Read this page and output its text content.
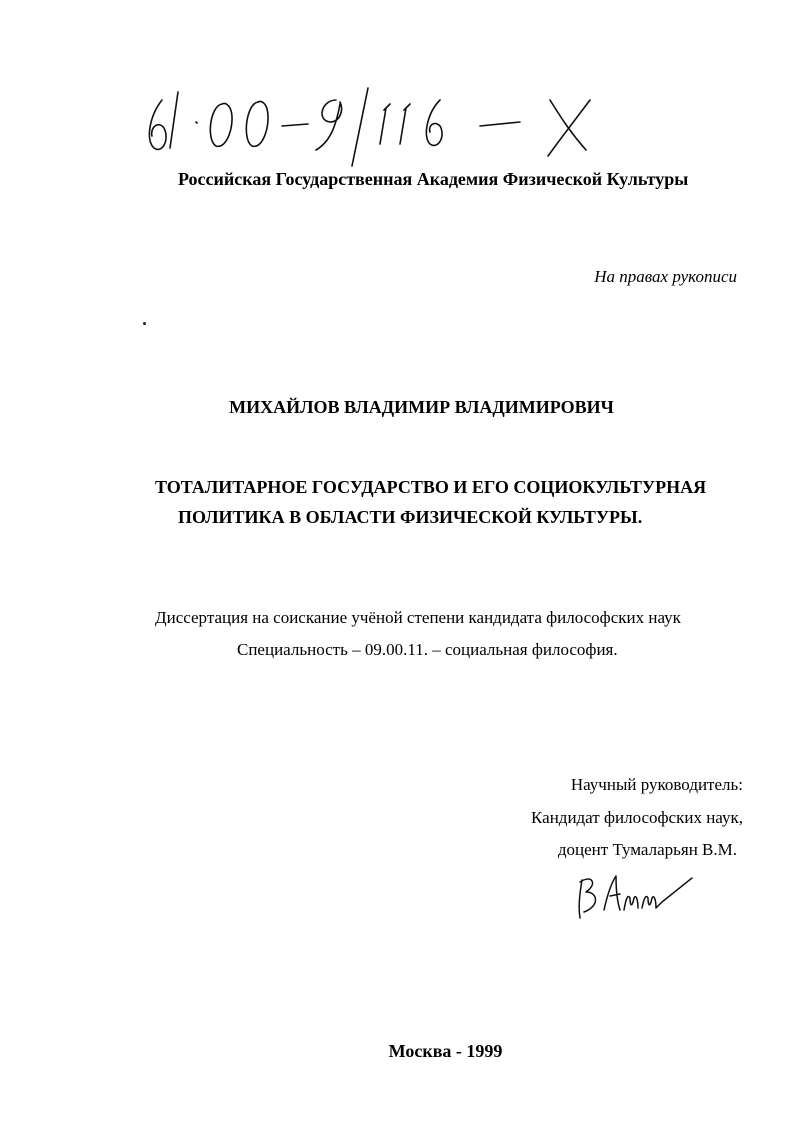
Российская Государственная Академия Физической Культуры
На правах рукописи
МИХАЙЛОВ ВЛАДИМИР ВЛАДИМИРОВИЧ
ТОТАЛИТАРНОЕ ГОСУДАРСТВО И ЕГО СОЦИОКУЛЬТУРНАЯ
ПОЛИТИКА В ОБЛАСТИ ФИЗИЧЕСКОЙ КУЛЬТУРЫ.
Диссертация на соискание учёной степени кандидата философских наук
Специальность – 09.00.11. – социальная философия.
Научный руководитель:
Кандидат философских наук,
доцент Тумаларьян В.М.
Москва - 1999
